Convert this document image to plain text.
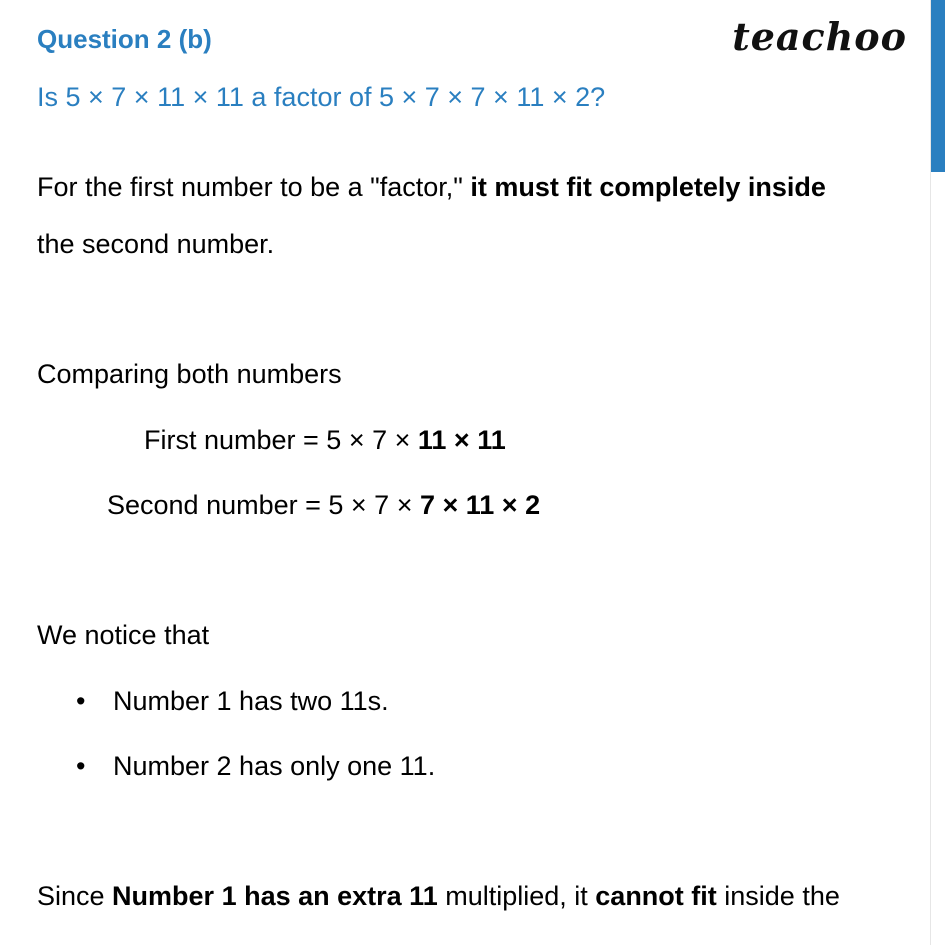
Question 2 (b)	teachoo
Is 5 × 7 × 11 × 11 a factor of 5 × 7 × 7 × 11 × 2?
For the first number to be a "factor," it must fit completely inside
the second number.
Comparing both numbers
First number = 5 × 7 × 11 × 11
Second number = 5 × 7 × 7 × 11 × 2
We notice that
• Number 1 has two 11s.
• Number 2 has only one 11.
Since Number 1 has an extra 11 multiplied, it cannot fit inside the
